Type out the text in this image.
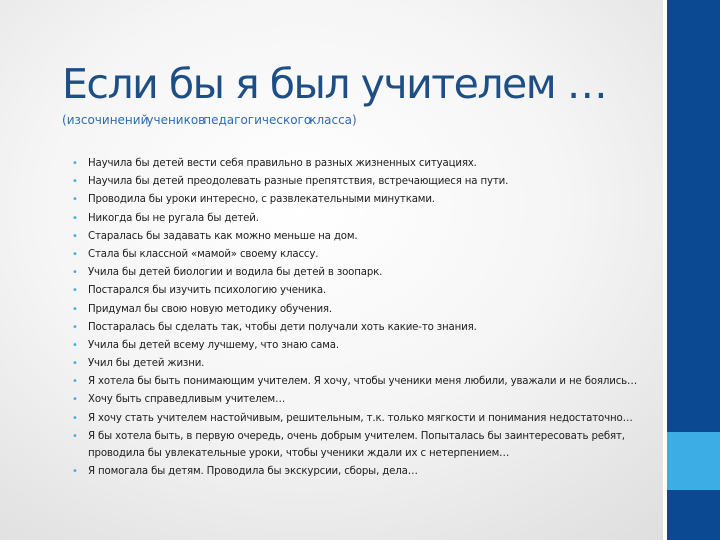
Если бы я был учителем …
(изсочиненийучениковпедагогическогокласса)
• Научила бы детей вести себя правильно в разных жизненных ситуациях.
• Научила бы детей преодолевать разные препятствия, встречающиеся на пути.
• Проводила бы уроки интересно, с развлекательными минутками.
• Никогда бы не ругала бы детей.
• Старалась бы задавать как можно меньше на дом.
• Стала бы классной «мамой» своему классу.
• Учила бы детей биологии и водила бы детей в зоопарк.
• Постарался бы изучить психологию ученика.
• Придумал бы свою новую методику обучения.
• Постаралась бы сделать так, чтобы дети получали хоть какие-то знания.
• Учила бы детей всему лучшему, что знаю сама.
• Учил бы детей жизни.
• Я хотела бы быть понимающим учителем. Я хочу, чтобы ученики меня любили, уважали и не боялись…
• Хочу быть справедливым учителем…
• Я хочу стать учителем настойчивым, решительным, т.к. только мягкости и понимания недостаточно…
• Я бы хотела быть, в первую очередь, очень добрым учителем. Попыталась бы заинтересовать ребят, проводила бы увлекательные уроки, чтобы ученики ждали их с нетерпением…
• Я помогала бы детям. Проводила бы экскурсии, сборы, дела…
